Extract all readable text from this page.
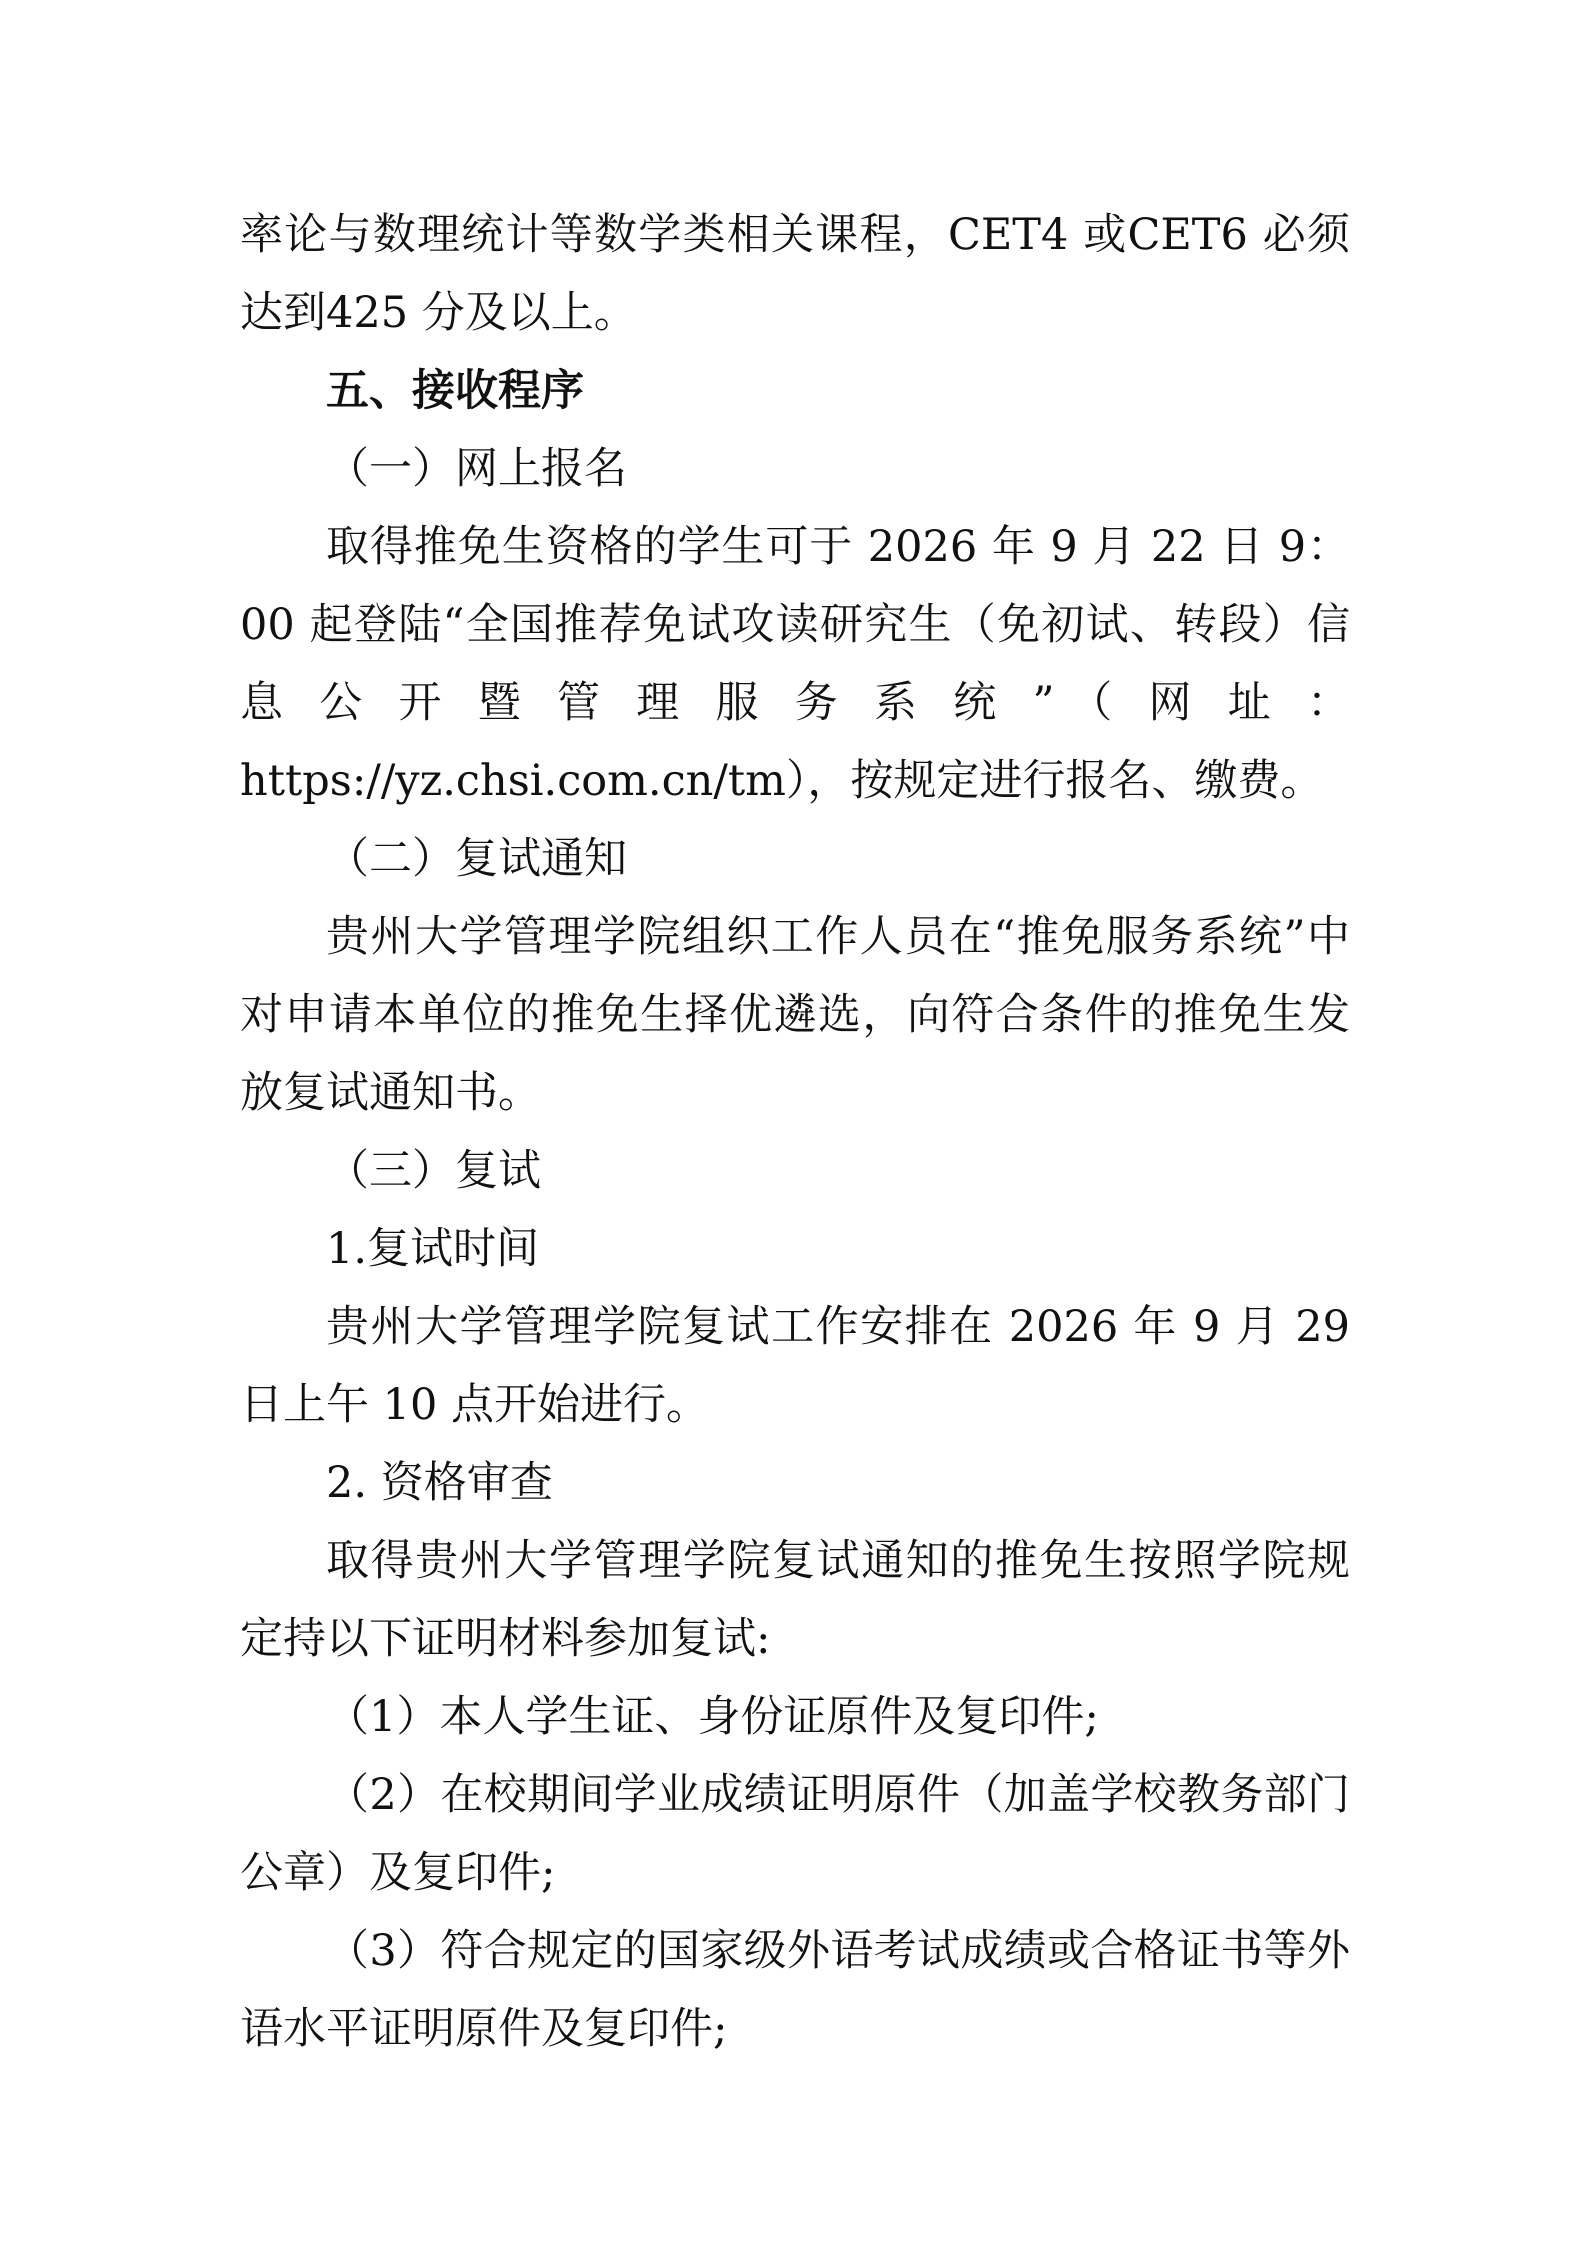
率论与数理统计等数学类相关课程，CET4 或CET6 必须达到425 分及以上。

五、接收程序

（一）网上报名

取得推免生资格的学生可于 2026 年 9 月 22 日 9：00 起登陆“全国推荐免试攻读研究生（免初试、转段）信息公开暨管理服务系统”（网址：https://yz.chsi.com.cn/tm），按规定进行报名、缴费。

（二）复试通知

贵州大学管理学院组织工作人员在“推免服务系统”中对申请本单位的推免生择优遴选，向符合条件的推免生发放复试通知书。

（三）复试

1.复试时间

贵州大学管理学院复试工作安排在 2026 年 9 月 29 日上午 10 点开始进行。

2. 资格审查

取得贵州大学管理学院复试通知的推免生按照学院规定持以下证明材料参加复试:

（1）本人学生证、身份证原件及复印件;

（2）在校期间学业成绩证明原件（加盖学校教务部门公章）及复印件;

（3）符合规定的国家级外语考试成绩或合格证书等外语水平证明原件及复印件;
